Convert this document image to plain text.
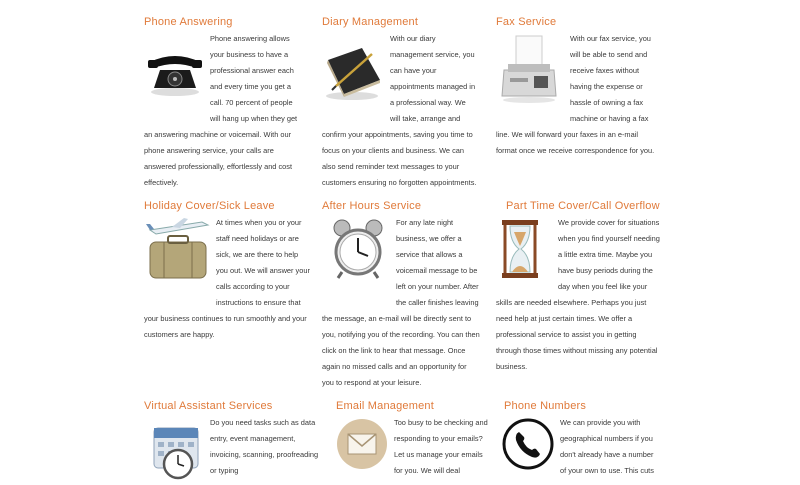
Phone Answering

Phone answering allows your business to have a professional answer each and every time you get a call. 70 percent of people will hang up when they get an answering machine or voicemail. With our phone answering service, your calls are answered professionally, effortlessly and cost effectively.

Diary Management

With our diary management service, you can have your appointments managed in a professional way. We will take, arrange and confirm your appointments, saving you time to focus on your clients and business. We can also send reminder text messages to your customers ensuring no forgotten appointments.

Fax Service

With our fax service, you will be able to send and receive faxes without having the expense or hassle of owning a fax machine or having a fax line. We will forward your faxes in an e-mail format once we receive correspondence for you.

Holiday Cover/Sick Leave

At times when you or your staff need holidays or are sick, we are there to help you out. We will answer your calls according to your instructions to ensure that your business continues to run smoothly and your customers are happy.

After Hours Service

For any late night business, we offer a service that allows a voicemail message to be left on your number. After the caller finishes leaving the message, an e-mail will be directly sent to you, notifying you of the recording. You can then click on the link to hear that message. Once again no missed calls and an opportunity for you to respond at your leisure.

Part Time Cover/Call Overflow

We provide cover for situations when you find yourself needing a little extra time. Maybe you have busy periods during the day when you feel like your skills are needed elsewhere. Perhaps you just need help at just certain times. We offer a professional service to assist you in getting through those times without missing any potential business.

Virtual Assistant Services

Do you need tasks such as data entry, event management, invoicing, scanning, proofreading or typing

Email Management

Too busy to be checking and responding to your emails? Let us manage your emails for you. We will deal

Phone Numbers

We can provide you with geographical numbers if you don't already have a number of your own to use. This cuts
